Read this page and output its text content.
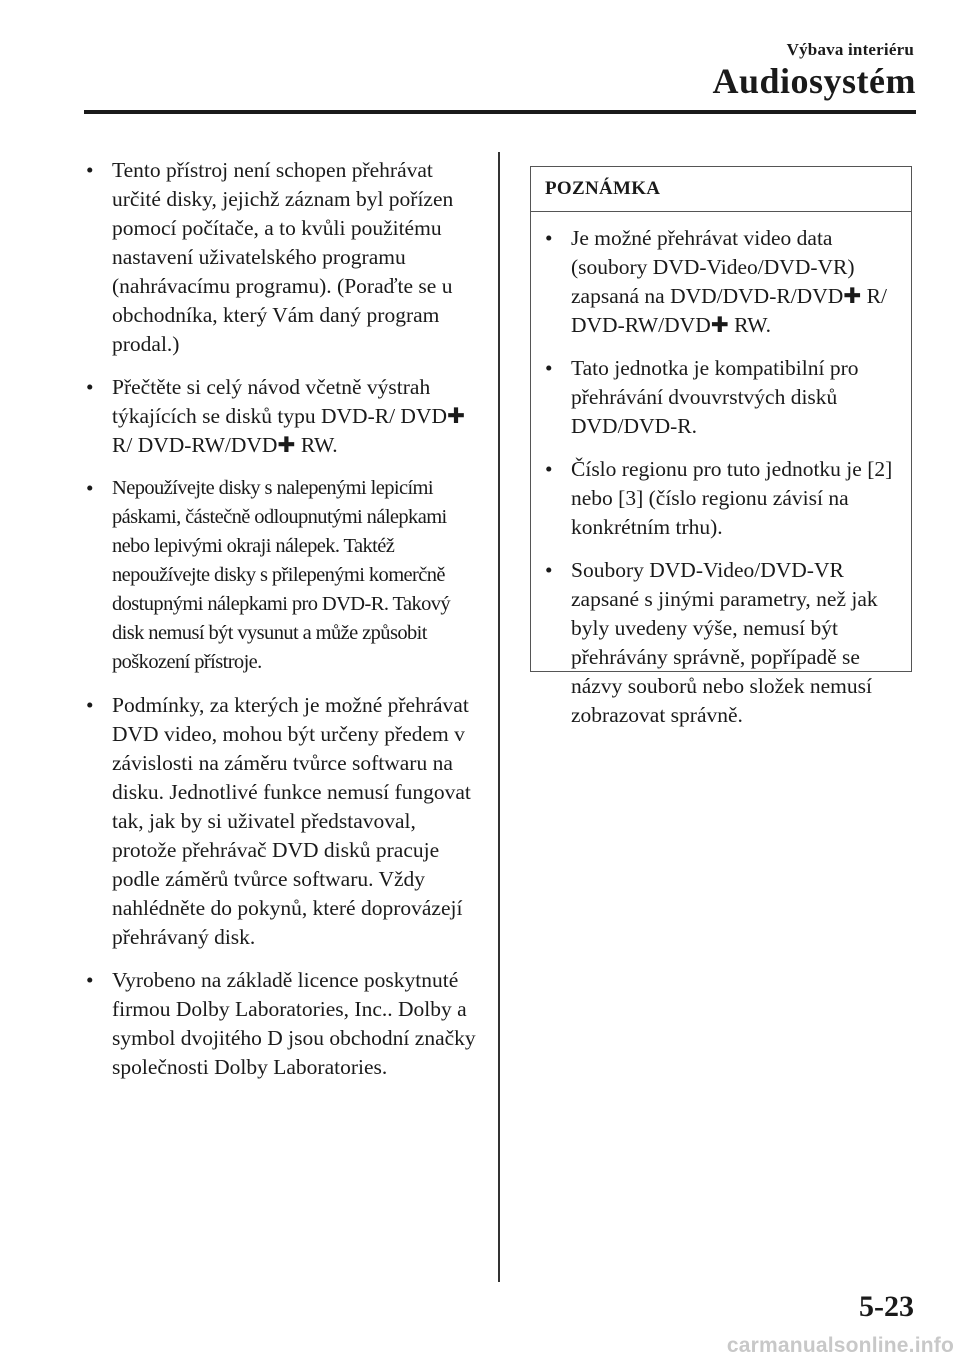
Výbava interiéru
Audiosystém
• Tento přístroj není schopen přehrávat určité disky, jejichž záznam byl pořízen pomocí počítače, a to kvůli použitému nastavení uživatelského programu (nahrávacímu programu). (Poraďte se u obchodníka, který Vám daný program prodal.)
• Přečtěte si celý návod včetně výstrah týkajících se disků typu DVD-R/ DVD✚ R/ DVD-RW/DVD✚ RW.
• Nepoužívejte disky s nalepenými lepicími páskami, částečně odloupnutými nálepkami nebo lepivými okraji nálepek. Taktéž nepoužívejte disky s přilepenými komerčně dostupnými nálepkami pro DVD-R. Takový disk nemusí být vysunut a může způsobit poškození přístroje.
• Podmínky, za kterých je možné přehrávat DVD video, mohou být určeny předem v závislosti na záměru tvůrce softwaru na disku. Jednotlivé funkce nemusí fungovat tak, jak by si uživatel představoval, protože přehrávač DVD disků pracuje podle záměrů tvůrce softwaru. Vždy nahlédněte do pokynů, které doprovázejí přehrávaný disk.
• Vyrobeno na základě licence poskytnuté firmou Dolby Laboratories, Inc.. Dolby a symbol dvojitého D jsou obchodní značky společnosti Dolby Laboratories.
POZNÁMKA
• Je možné přehrávat video data (soubory DVD-Video/DVD-VR) zapsaná na DVD/DVD-R/DVD✚ R/ DVD-RW/DVD✚ RW.
• Tato jednotka je kompatibilní pro přehrávání dvouvrstvých disků DVD/DVD-R.
• Číslo regionu pro tuto jednotku je [2] nebo [3] (číslo regionu závisí na konkrétním trhu).
• Soubory DVD-Video/DVD-VR zapsané s jinými parametry, než jak byly uvedeny výše, nemusí být přehrávány správně, popřípadě se názvy souborů nebo složek nemusí zobrazovat správně.
5-23
carmanualsonline.info
